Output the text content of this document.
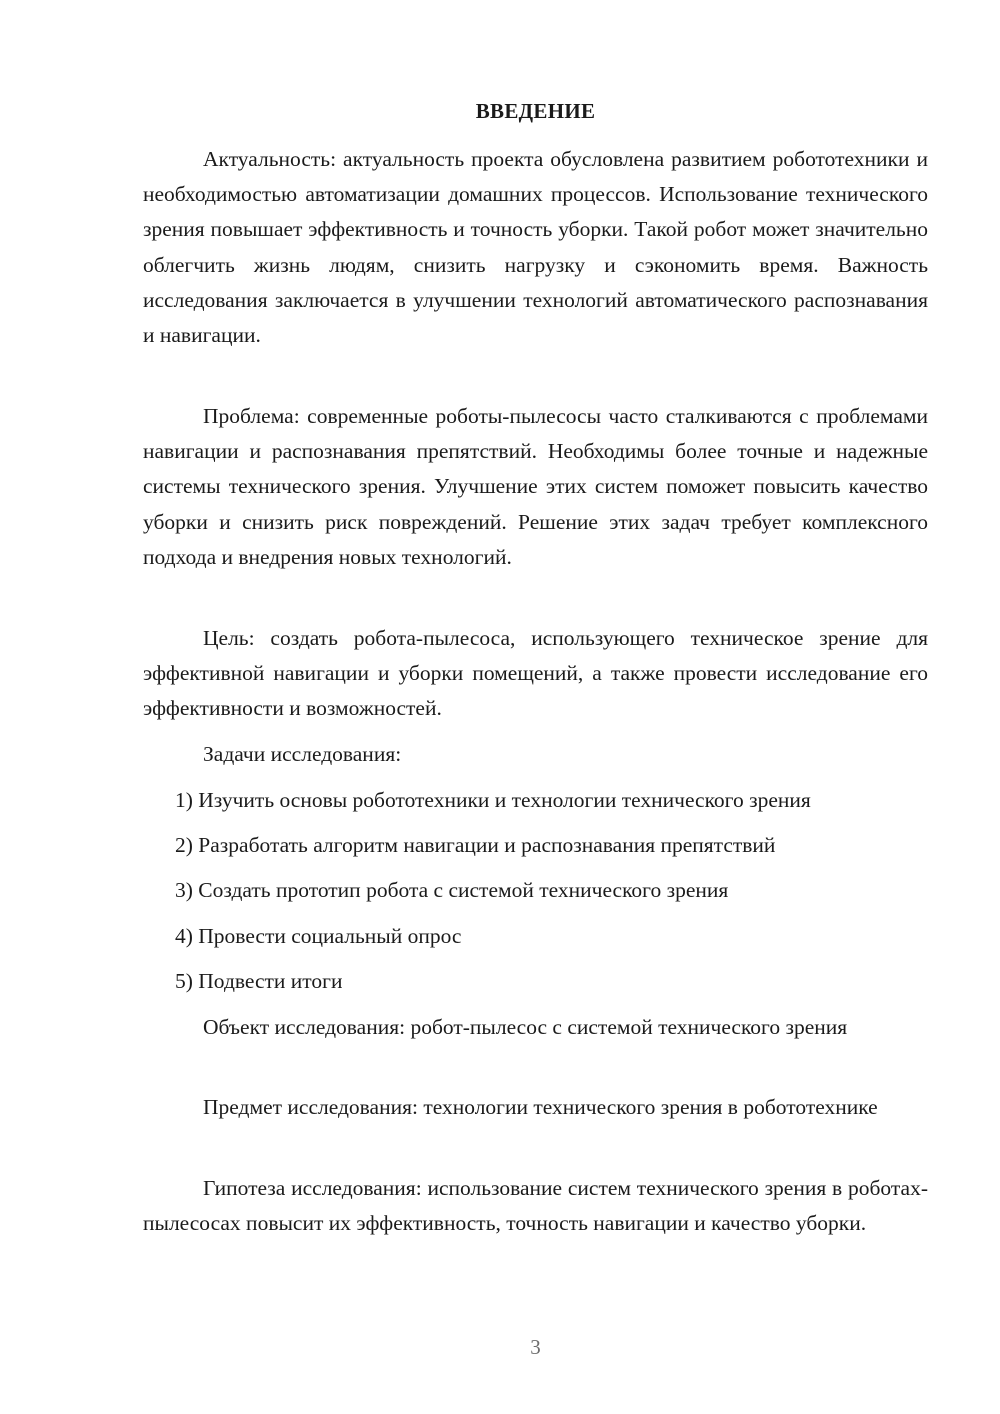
ВВЕДЕНИЕ

Актуальность: актуальность проекта обусловлена развитием робототехники и необходимостью автоматизации домашних процессов. Использование технического зрения повышает эффективность и точность уборки. Такой робот может значительно облегчить жизнь людям, снизить нагрузку и сэкономить время. Важность исследования заключается в улучшении технологий автоматического распознавания и навигации.

Проблема: современные роботы-пылесосы часто сталкиваются с проблемами навигации и распознавания препятствий. Необходимы более точные и надежные системы технического зрения. Улучшение этих систем поможет повысить качество уборки и снизить риск повреждений. Решение этих задач требует комплексного подхода и внедрения новых технологий.

Цель: создать робота-пылесоса, использующего техническое зрение для эффективной навигации и уборки помещений, а также провести исследование его эффективности и возможностей.

Задачи исследования:

1) Изучить основы робототехники и технологии технического зрения

2) Разработать алгоритм навигации и распознавания препятствий

3) Создать прототип робота с системой технического зрения

4) Провести социальный опрос

5) Подвести итоги

Объект исследования: робот-пылесос с системой технического зрения

Предмет исследования: технологии технического зрения в робототехнике

Гипотеза исследования: использование систем технического зрения в роботах-пылесосах повысит их эффективность, точность навигации и качество уборки.

3
